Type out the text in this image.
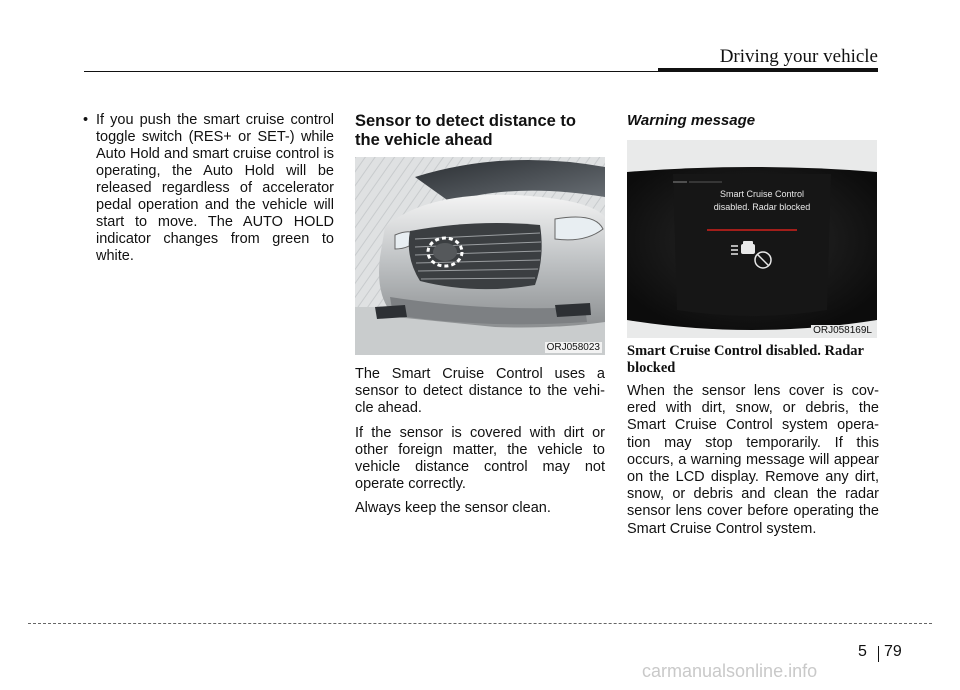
Driving your vehicle
• If you push the smart cruise control toggle switch (RES+ or SET-) while Auto Hold and smart cruise control is operating, the Auto Hold will be released regardless of accelerator pedal operation and the vehicle will start to move. The AUTO HOLD indicator changes from green to white.
Sensor to detect distance to
the vehicle ahead
ORJ058023

The Smart Cruise Control uses a sensor to detect distance to the vehi- cle ahead.

If the sensor is covered with dirt or other foreign matter, the vehicle to vehicle distance control may not operate correctly.

Always keep the sensor clean.

Warning message
Smart Cruise Control
disabled. Radar blocked
ORJ058169L

Smart Cruise Control disabled. Radar blocked

When the sensor lens cover is cov- ered with dirt, snow, or debris, the Smart Cruise Control system opera- tion may stop temporarily. If this occurs, a warning message will appear on the LCD display. Remove any dirt, snow, or debris and clean the radar sensor lens cover before operating the Smart Cruise Control system.

5 79
carmanualsonline.info
